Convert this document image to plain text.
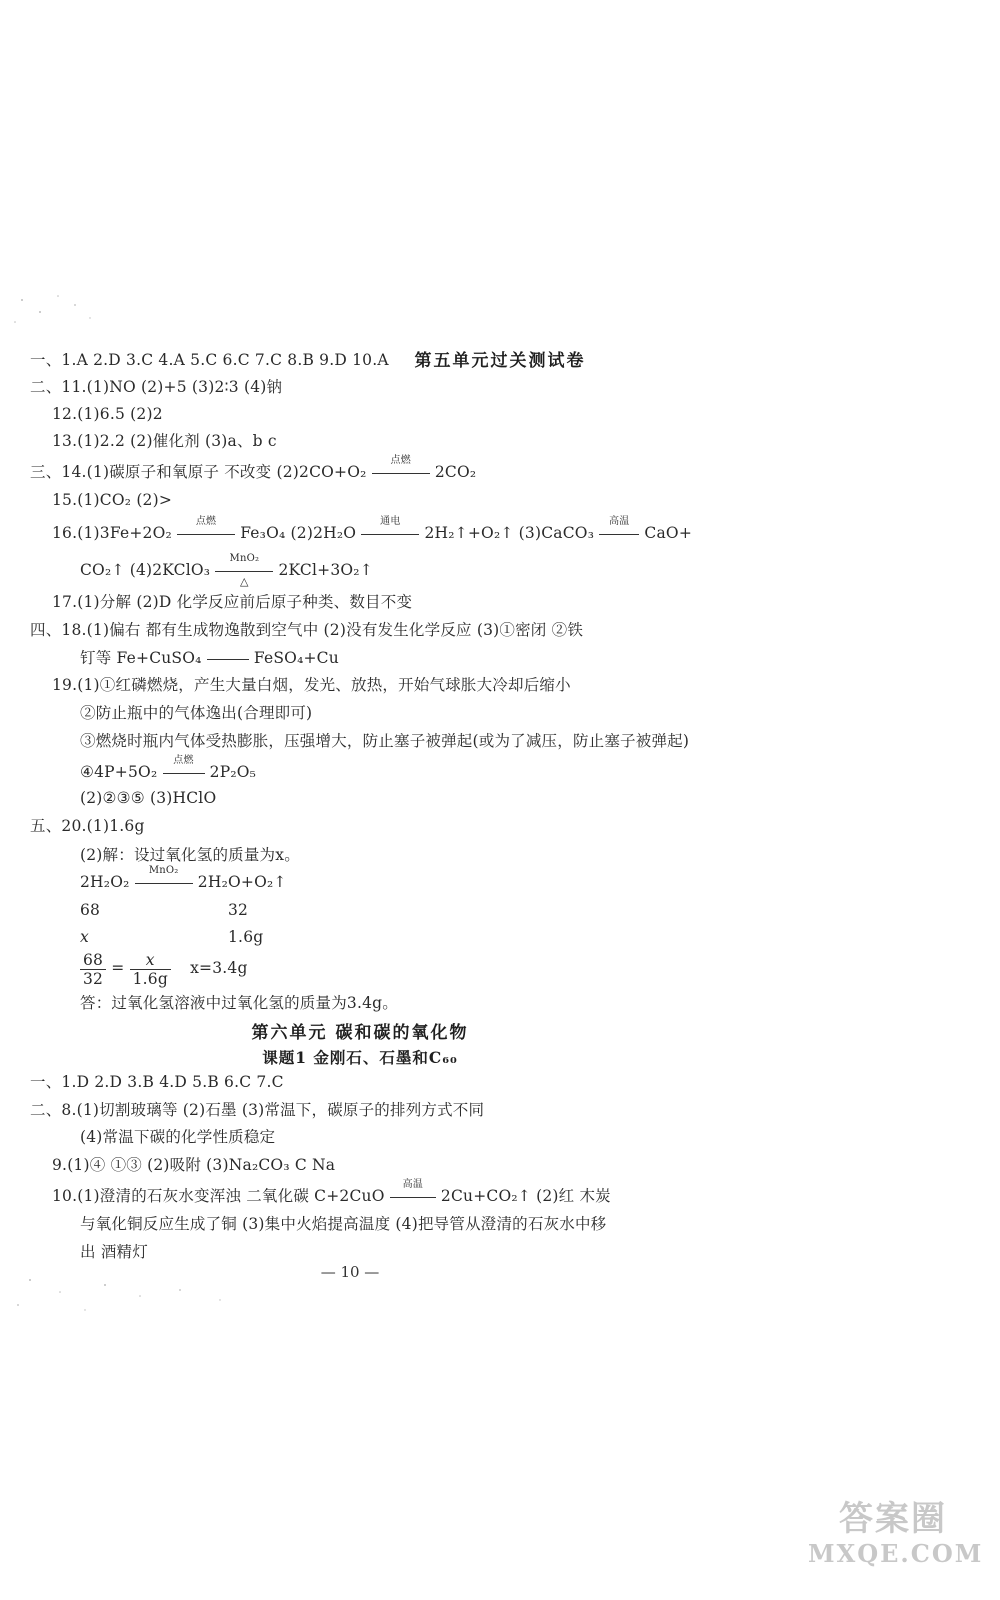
第五单元过关测试卷
一、1.A 2.D 3.C 4.A 5.C 6.C 7.C 8.B 9.D 10.A
二、11.(1)NO (2)+5 (3)2∶3 (4)钠
12.(1)6.5 (2)2
13.(1)2.2 (2)催化剂 (3)a、b c
三、14.(1)碳原子和氧原子 不改变 (2)2CO+O₂
点燃
2CO₂
15.(1)CO₂ (2)>
16.(1)3Fe+2O₂
点燃
Fe₃O₄ (2)2H₂O
通电
2H₂↑+O₂↑ (3)CaCO₃
高温
CaO+
CO₂↑ (4)2KClO₃
MnO₂
△
2KCl+3O₂↑
17.(1)分解 (2)D 化学反应前后原子种类、数目不变
四、18.(1)偏右 都有生成物逸散到空气中 (2)没有发生化学反应 (3)①密闭 ②铁
钉等 Fe+CuSO₄	FeSO₄+Cu
19.(1)①红磷燃烧，产生大量白烟，发光、放热，开始气球胀大冷却后缩小
②防止瓶中的气体逸出(合理即可)
③燃烧时瓶内气体受热膨胀，压强增大，防止塞子被弹起(或为了减压，防止塞子被弹起)
④4P+5O₂
点燃
2P₂O₅
(2)②③⑤ (3)HClO
五、20.(1)1.6g
(2)解：设过氧化氢的质量为x。
2H₂O₂
MnO₂
2H₂O+O₂↑
68	32
x	1.6g
$\frac{68}{32} = \frac{x}{1.6g} x=3.4g$
答：过氧化氢溶液中过氧化氢的质量为3.4g。
第六单元 碳和碳的氧化物
课题1 金刚石、石墨和C₆₀
一、1.D 2.D 3.B 4.D 5.B 6.C 7.C
二、8.(1)切割玻璃等 (2)石墨 (3)常温下，碳原子的排列方式不同
(4)常温下碳的化学性质稳定
9.(1)④ ①③ (2)吸附 (3)Na₂CO₃ C Na
10.(1)澄清的石灰水变浑浊 二氧化碳 C+2CuO
高温
2Cu+CO₂↑ (2)红 木炭
与氧化铜反应生成了铜 (3)集中火焰提高温度 (4)把导管从澄清的石灰水中移
出 酒精灯
— 10 —
答案圈
MXQE.COM
